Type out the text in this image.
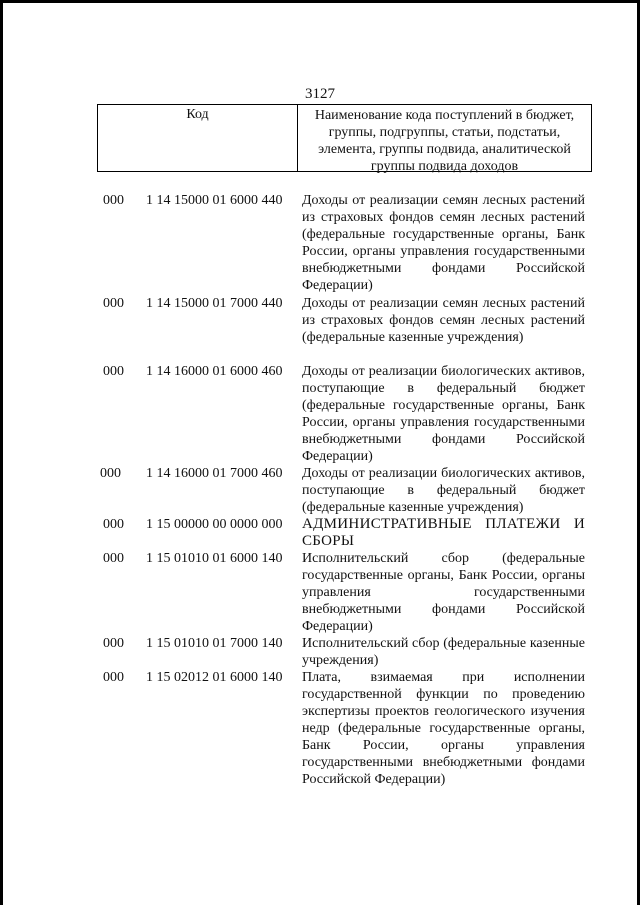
3127
Код	Наименование кода поступлений в бюджет, группы, подгруппы, статьи, подстатьи, элемента, группы подвида, аналитической группы подвида доходов
000	1 14 15000 01 6000 440	Доходы от реализации семян лесных растений из страховых фондов семян лесных растений (федеральные государственные органы, Банк России, органы управления государственными внебюджетными фондами Российской Федерации)
000	1 14 15000 01 7000 440	Доходы от реализации семян лесных растений из страховых фондов семян лесных растений (федеральные казенные учреждения)
000	1 14 16000 01 6000 460	Доходы от реализации биологических активов, поступающие в федеральный бюджет (федеральные государственные органы, Банк России, органы управления государственными внебюджетными фондами Российской Федерации)
000	1 14 16000 01 7000 460	Доходы от реализации биологических активов, поступающие в федеральный бюджет (федеральные казенные учреждения)
000	1 15 00000 00 0000 000	АДМИНИСТРАТИВНЫЕ ПЛАТЕЖИ И СБОРЫ
000	1 15 01010 01 6000 140	Исполнительский сбор (федеральные государственные органы, Банк России, органы управления государственными внебюджетными фондами Российской Федерации)
000	1 15 01010 01 7000 140	Исполнительский сбор (федеральные казенные учреждения)
000	1 15 02012 01 6000 140	Плата, взимаемая при исполнении государственной функции по проведению экспертизы проектов геологического изучения недр (федеральные государственные органы, Банк России, органы управления государственными внебюджетными фондами Российской Федерации)
